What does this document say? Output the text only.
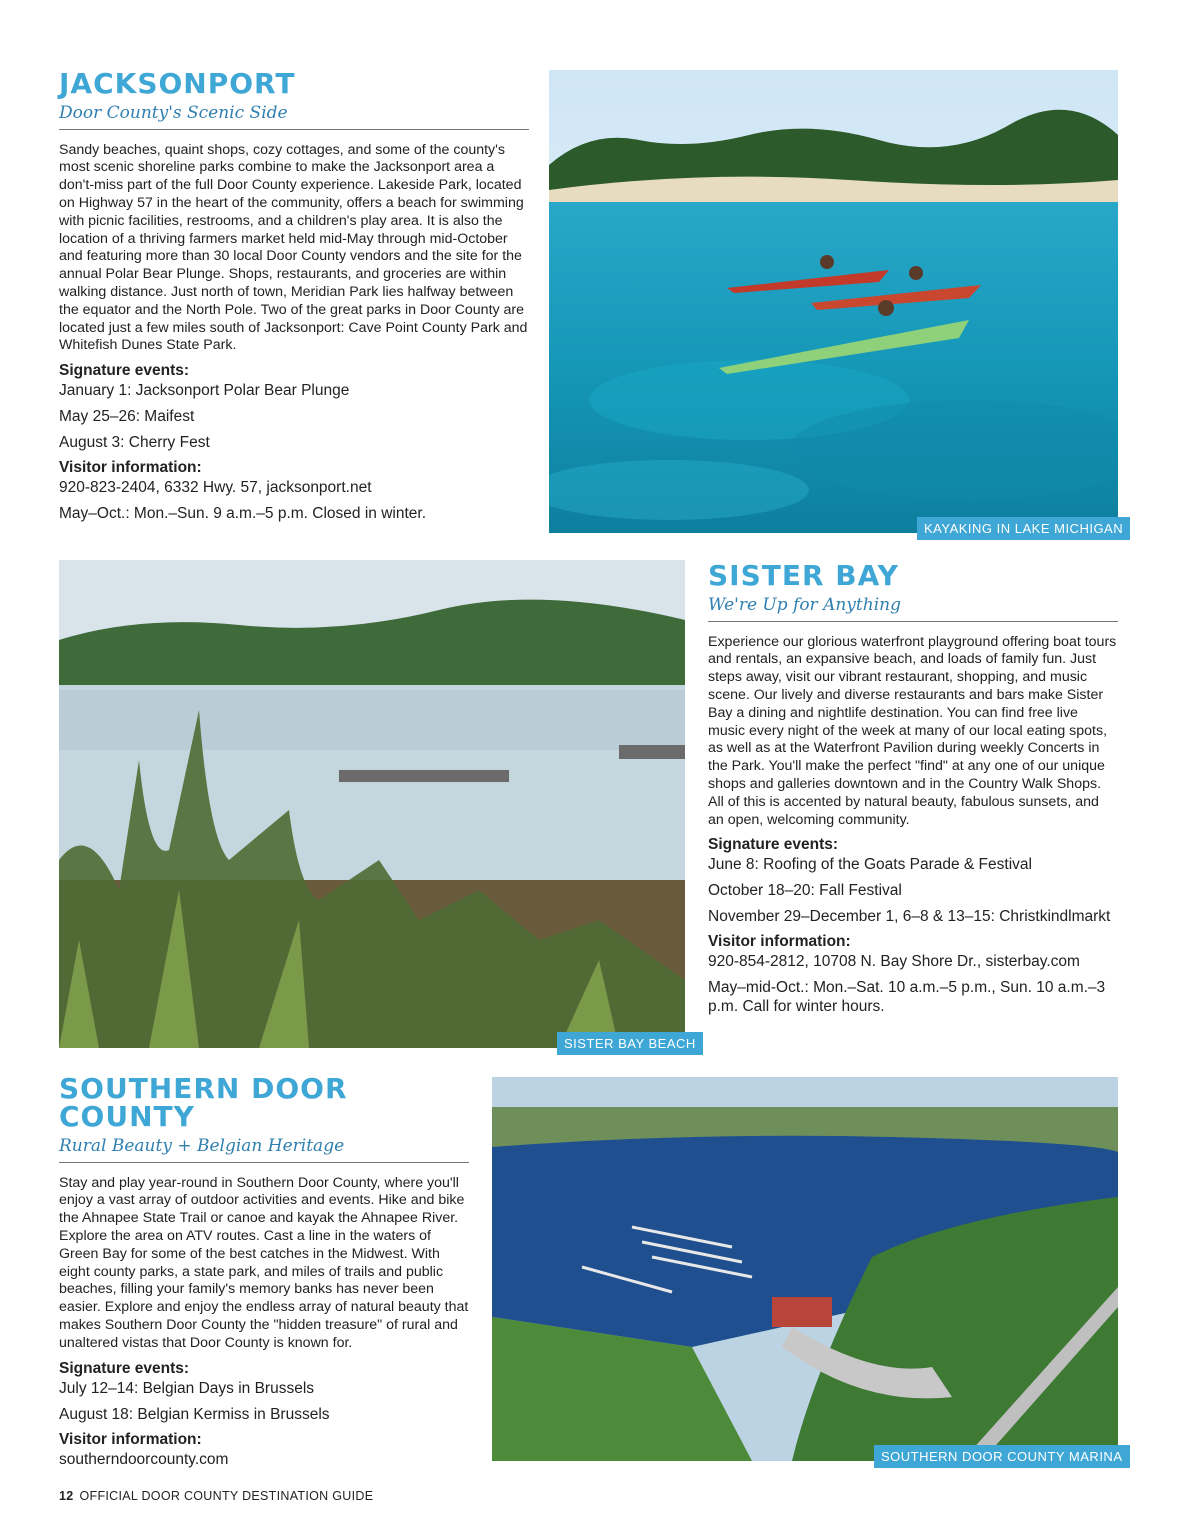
JACKSONPORT
Door County's Scenic Side

Sandy beaches, quaint shops, cozy cottages, and some of the county's most scenic shoreline parks combine to make the Jacksonport area a don't-miss part of the full Door County experience. Lakeside Park, located on Highway 57 in the heart of the community, offers a beach for swimming with picnic facilities, restrooms, and a children's play area. It is also the location of a thriving farmers market held mid-May through mid-October and featuring more than 30 local Door County vendors and the site for the annual Polar Bear Plunge. Shops, restaurants, and groceries are within walking distance. Just north of town, Meridian Park lies halfway between the equator and the North Pole. Two of the great parks in Door County are located just a few miles south of Jacksonport: Cave Point County Park and Whitefish Dunes State Park.

Signature events:
January 1: Jacksonport Polar Bear Plunge
May 25–26: Maifest
August 3: Cherry Fest
Visitor information:
920-823-2404, 6332 Hwy. 57, jacksonport.net
May–Oct.: Mon.–Sun. 9 a.m.–5 p.m. Closed in winter.
KAYAKING IN LAKE MICHIGAN
SISTER BAY BEACH
SISTER BAY
We're Up for Anything

Experience our glorious waterfront playground offering boat tours and rentals, an expansive beach, and loads of family fun. Just steps away, visit our vibrant restaurant, shopping, and music scene. Our lively and diverse restaurants and bars make Sister Bay a dining and nightlife destination. You can find free live music every night of the week at many of our local eating spots, as well as at the Waterfront Pavilion during weekly Concerts in the Park. You'll make the perfect "find" at any one of our unique shops and galleries downtown and in the Country Walk Shops. All of this is accented by natural beauty, fabulous sunsets, and an open, welcoming community.

Signature events:
June 8: Roofing of the Goats Parade & Festival
October 18–20: Fall Festival
November 29–December 1, 6–8 & 13–15: Christkindlmarkt
Visitor information:
920-854-2812, 10708 N. Bay Shore Dr., sisterbay.com
May–mid-Oct.: Mon.–Sat. 10 a.m.–5 p.m., Sun. 10 a.m.–3 p.m. Call for winter hours.
SOUTHERN DOOR COUNTY
Rural Beauty + Belgian Heritage

Stay and play year-round in Southern Door County, where you'll enjoy a vast array of outdoor activities and events. Hike and bike the Ahnapee State Trail or canoe and kayak the Ahnapee River. Explore the area on ATV routes. Cast a line in the waters of Green Bay for some of the best catches in the Midwest. With eight county parks, a state park, and miles of trails and public beaches, filling your family's memory banks has never been easier. Explore and enjoy the endless array of natural beauty that makes Southern Door County the "hidden treasure" of rural and unaltered vistas that Door County is known for.

Signature events:
July 12–14: Belgian Days in Brussels
August 18: Belgian Kermiss in Brussels
Visitor information:
southerndoorcounty.com	SOUTHERN DOOR COUNTY MARINA
12 OFFICIAL DOOR COUNTY DESTINATION GUIDE
